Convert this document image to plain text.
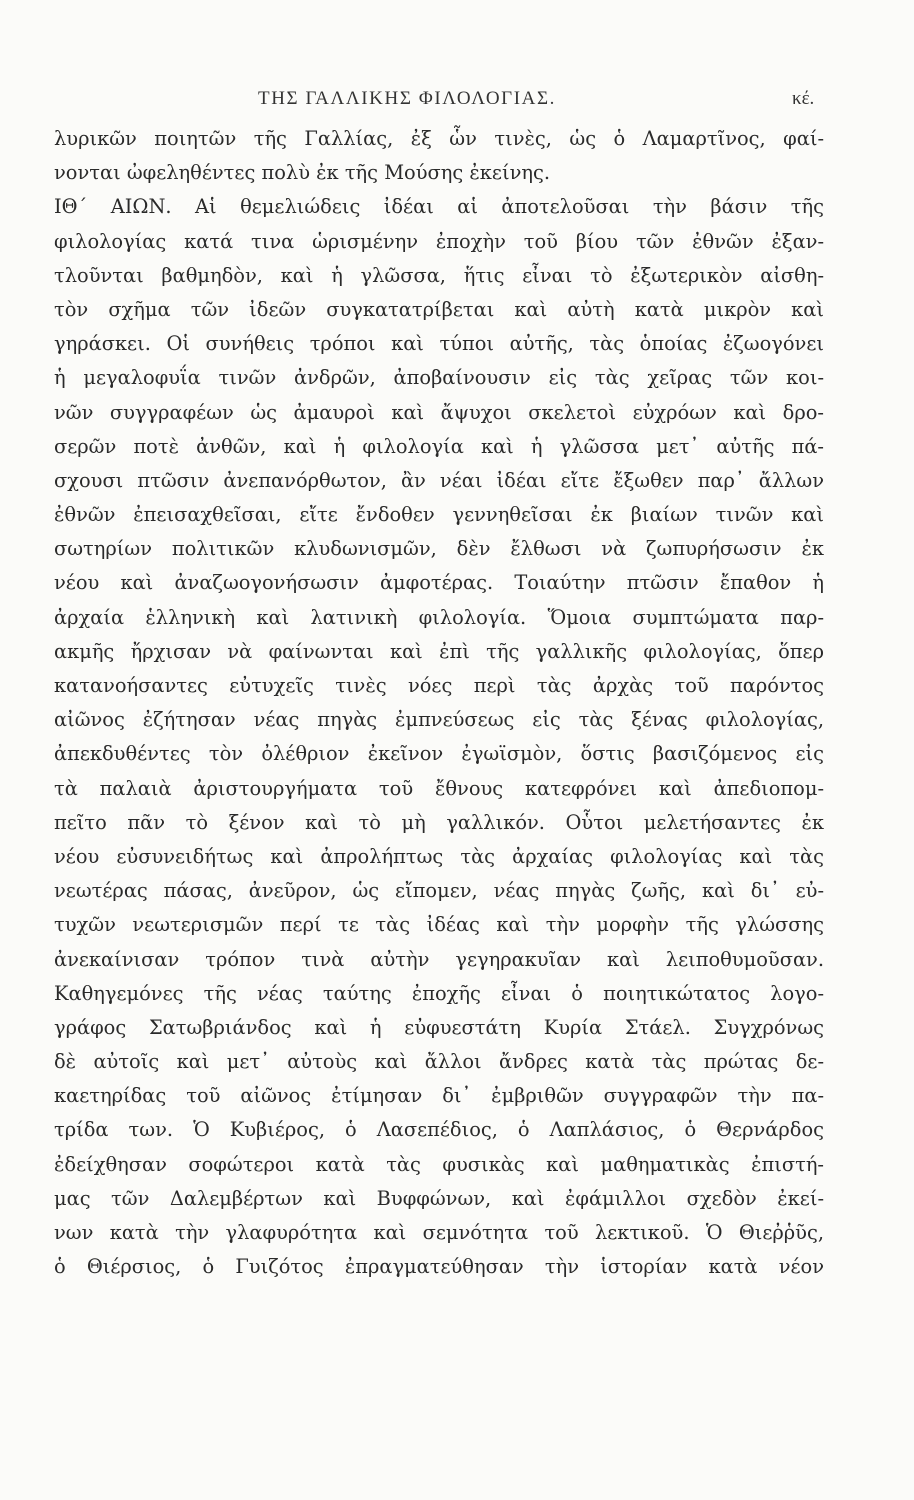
ΤΗΣ ΓΑΛΛΙΚΗΣ ΦΙΛΟΛΟΓΙΑΣ.	κέ.
λυρικῶν ποιητῶν τῆς Γαλλίας, ἐξ ὧν τινὲς, ὡς ὁ Λαμαρτῖνος, φαί-
νονται ὠφεληθέντες πολὺ ἐκ τῆς Μούσης ἐκείνης.
ΙΘ΄ ΑΙΩΝ. Αἱ θεμελιώδεις ἰδέαι αἱ ἀποτελοῦσαι τὴν βάσιν τῆς
φιλολογίας κατά τινα ὡρισμένην ἐποχὴν τοῦ βίου τῶν ἐθνῶν ἐξαν-
τλοῦνται βαθμηδὸν, καὶ ἡ γλῶσσα, ἥτις εἶναι τὸ ἐξωτερικὸν αἰσθη-
τὸν σχῆμα τῶν ἰδεῶν συγκατατρίβεται καὶ αὐτὴ κατὰ μικρὸν καὶ
γηράσκει. Οἱ συνήθεις τρόποι καὶ τύποι αὐτῆς, τὰς ὁποίας ἐζωογόνει
ἡ μεγαλοφυΐα τινῶν ἀνδρῶν, ἀποβαίνουσιν εἰς τὰς χεῖρας τῶν κοι-
νῶν συγγραφέων ὡς ἀμαυροὶ καὶ ἄψυχοι σκελετοὶ εὐχρόων καὶ δρο-
σερῶν ποτὲ ἀνθῶν, καὶ ἡ φιλολογία καὶ ἡ γλῶσσα μετ᾿ αὐτῆς πά-
σχουσι πτῶσιν ἀνεπανόρθωτον, ἂν νέαι ἰδέαι εἴτε ἔξωθεν παρ᾿ ἄλλων
ἐθνῶν ἐπεισαχθεῖσαι, εἴτε ἔνδοθεν γεννηθεῖσαι ἐκ βιαίων τινῶν καὶ
σωτηρίων πολιτικῶν κλυδωνισμῶν, δὲν ἔλθωσι νὰ ζωπυρήσωσιν ἐκ
νέου καὶ ἀναζωογονήσωσιν ἀμφοτέρας. Τοιαύτην πτῶσιν ἔπαθον ἡ
ἀρχαία ἑλληνικὴ καὶ λατινικὴ φιλολογία. Ὅμοια συμπτώματα παρ-
ακμῆς ἤρχισαν νὰ φαίνωνται καὶ ἐπὶ τῆς γαλλικῆς φιλολογίας, ὅπερ
κατανοήσαντες εὐτυχεῖς τινὲς νόες περὶ τὰς ἀρχὰς τοῦ παρόντος
αἰῶνος ἐζήτησαν νέας πηγὰς ἐμπνεύσεως εἰς τὰς ξένας φιλολογίας,
ἀπεκδυθέντες τὸν ὀλέθριον ἐκεῖνον ἐγωϊσμὸν, ὅστις βασιζόμενος εἰς
τὰ παλαιὰ ἀριστουργήματα τοῦ ἔθνους κατεφρόνει καὶ ἀπεδιοπομ-
πεῖτο πᾶν τὸ ξένον καὶ τὸ μὴ γαλλικόν. Οὗτοι μελετήσαντες ἐκ
νέου εὐσυνειδήτως καὶ ἀπρολήπτως τὰς ἀρχαίας φιλολογίας καὶ τὰς
νεωτέρας πάσας, ἀνεῦρον, ὡς εἴπομεν, νέας πηγὰς ζωῆς, καὶ δι᾿ εὐ-
τυχῶν νεωτερισμῶν περί τε τὰς ἰδέας καὶ τὴν μορφὴν τῆς γλώσσης
ἀνεκαίνισαν τρόπον τινὰ αὐτὴν γεγηρακυῖαν καὶ λειποθυμοῦσαν.
Καθηγεμόνες τῆς νέας ταύτης ἐποχῆς εἶναι ὁ ποιητικώτατος λογο-
γράφος Σατωβριάνδος καὶ ἡ εὐφυεστάτη Κυρία Στάελ. Συγχρόνως
δὲ αὐτοῖς καὶ μετ᾿ αὐτοὺς καὶ ἄλλοι ἄνδρες κατὰ τὰς πρώτας δε-
καετηρίδας τοῦ αἰῶνος ἐτίμησαν δι᾿ ἐμβριθῶν συγγραφῶν τὴν πα-
τρίδα των. Ὁ Κυβιέρος, ὁ Λασεπέδιος, ὁ Λαπλάσιος, ὁ Θερνάρδος
ἐδείχθησαν σοφώτεροι κατὰ τὰς φυσικὰς καὶ μαθηματικὰς ἐπιστή-
μας τῶν Δαλεμβέρτων καὶ Βυφφώνων, καὶ ἐφάμιλλοι σχεδὸν ἐκεί-
νων κατὰ τὴν γλαφυρότητα καὶ σεμνότητα τοῦ λεκτικοῦ. Ὁ Θιεῤῥῦς,
ὁ Θιέρσιος, ὁ Γυιζότος ἐπραγματεύθησαν τὴν ἱστορίαν κατὰ νέον
